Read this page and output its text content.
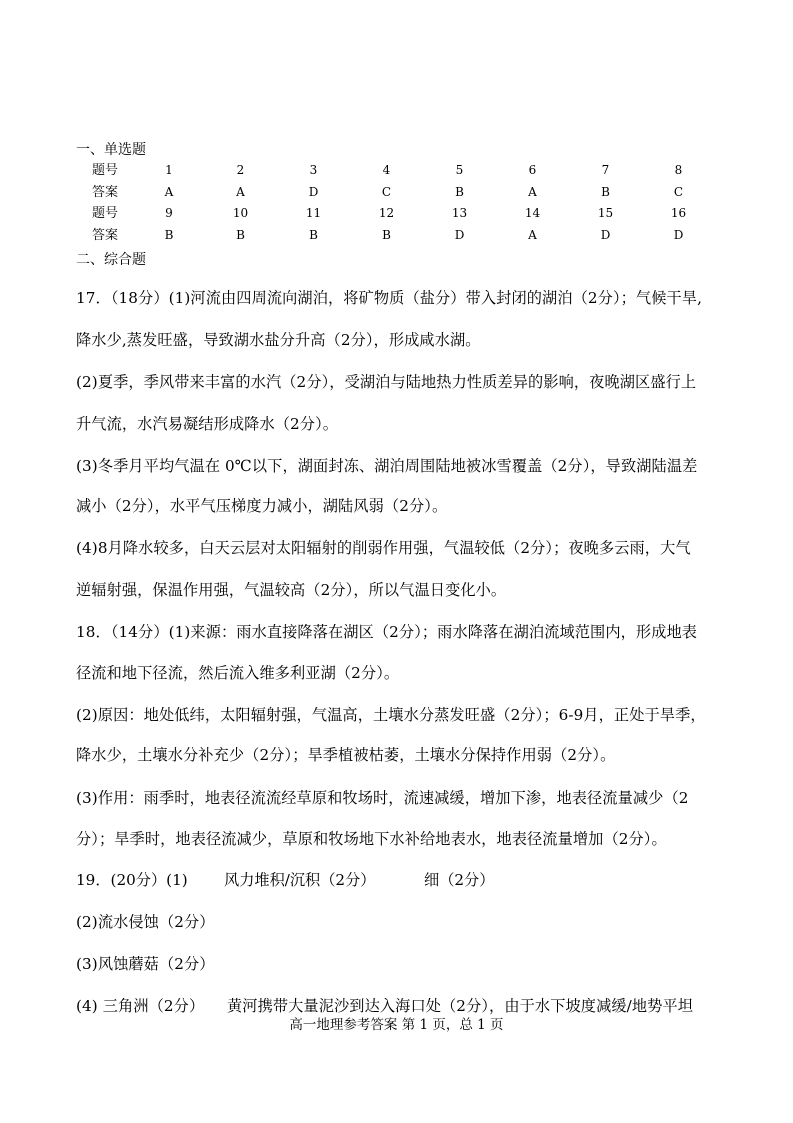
一、单选题
题号	1	2	3	4	5	6	7	8
答案	A	A	D	C	B	A	B	C
题号	9	10	11	12	13	14	15	16
答案	B	B	B	B	D	A	D	D
二、综合题
17．（18分）(1)河流由四周流向湖泊，将矿物质（盐分）带入封闭的湖泊（2分）；气候干旱,
降水少,蒸发旺盛，导致湖水盐分升高（2分），形成咸水湖。
(2)夏季，季风带来丰富的水汽（2分），受湖泊与陆地热力性质差异的影响，夜晚湖区盛行上
升气流，水汽易凝结形成降水（2分）。
(3)冬季月平均气温在 0℃以下，湖面封冻、湖泊周围陆地被冰雪覆盖（2分），导致湖陆温差
减小（2分），水平气压梯度力减小，湖陆风弱（2分）。
(4)8月降水较多，白天云层对太阳辐射的削弱作用强，气温较低（2分）；夜晚多云雨，大气
逆辐射强，保温作用强，气温较高（2分），所以气温日变化小。
18．（14分）(1)来源：雨水直接降落在湖区（2分）；雨水降落在湖泊流域范围内，形成地表
径流和地下径流，然后流入维多利亚湖（2分）。
(2)原因：地处低纬，太阳辐射强，气温高，土壤水分蒸发旺盛（2分）；6-9月，正处于旱季，
降水少，土壤水分补充少（2分）；旱季植被枯萎，土壤水分保持作用弱（2分）。
(3)作用：雨季时，地表径流流经草原和牧场时，流速减缓，增加下渗，地表径流量减少（2
分）；旱季时，地表径流减少，草原和牧场地下水补给地表水，地表径流量增加（2分）。
19．(20分）(1) 风力堆积/沉积（2分）	细（2分）
(2)流水侵蚀（2分）
(3)风蚀蘑菇（2分）
(4) 三角洲（2分） 黄河携带大量泥沙到达入海口处（2分），由于水下坡度减缓/地势平坦
高一地理参考答案 第 1 页，总 1 页
